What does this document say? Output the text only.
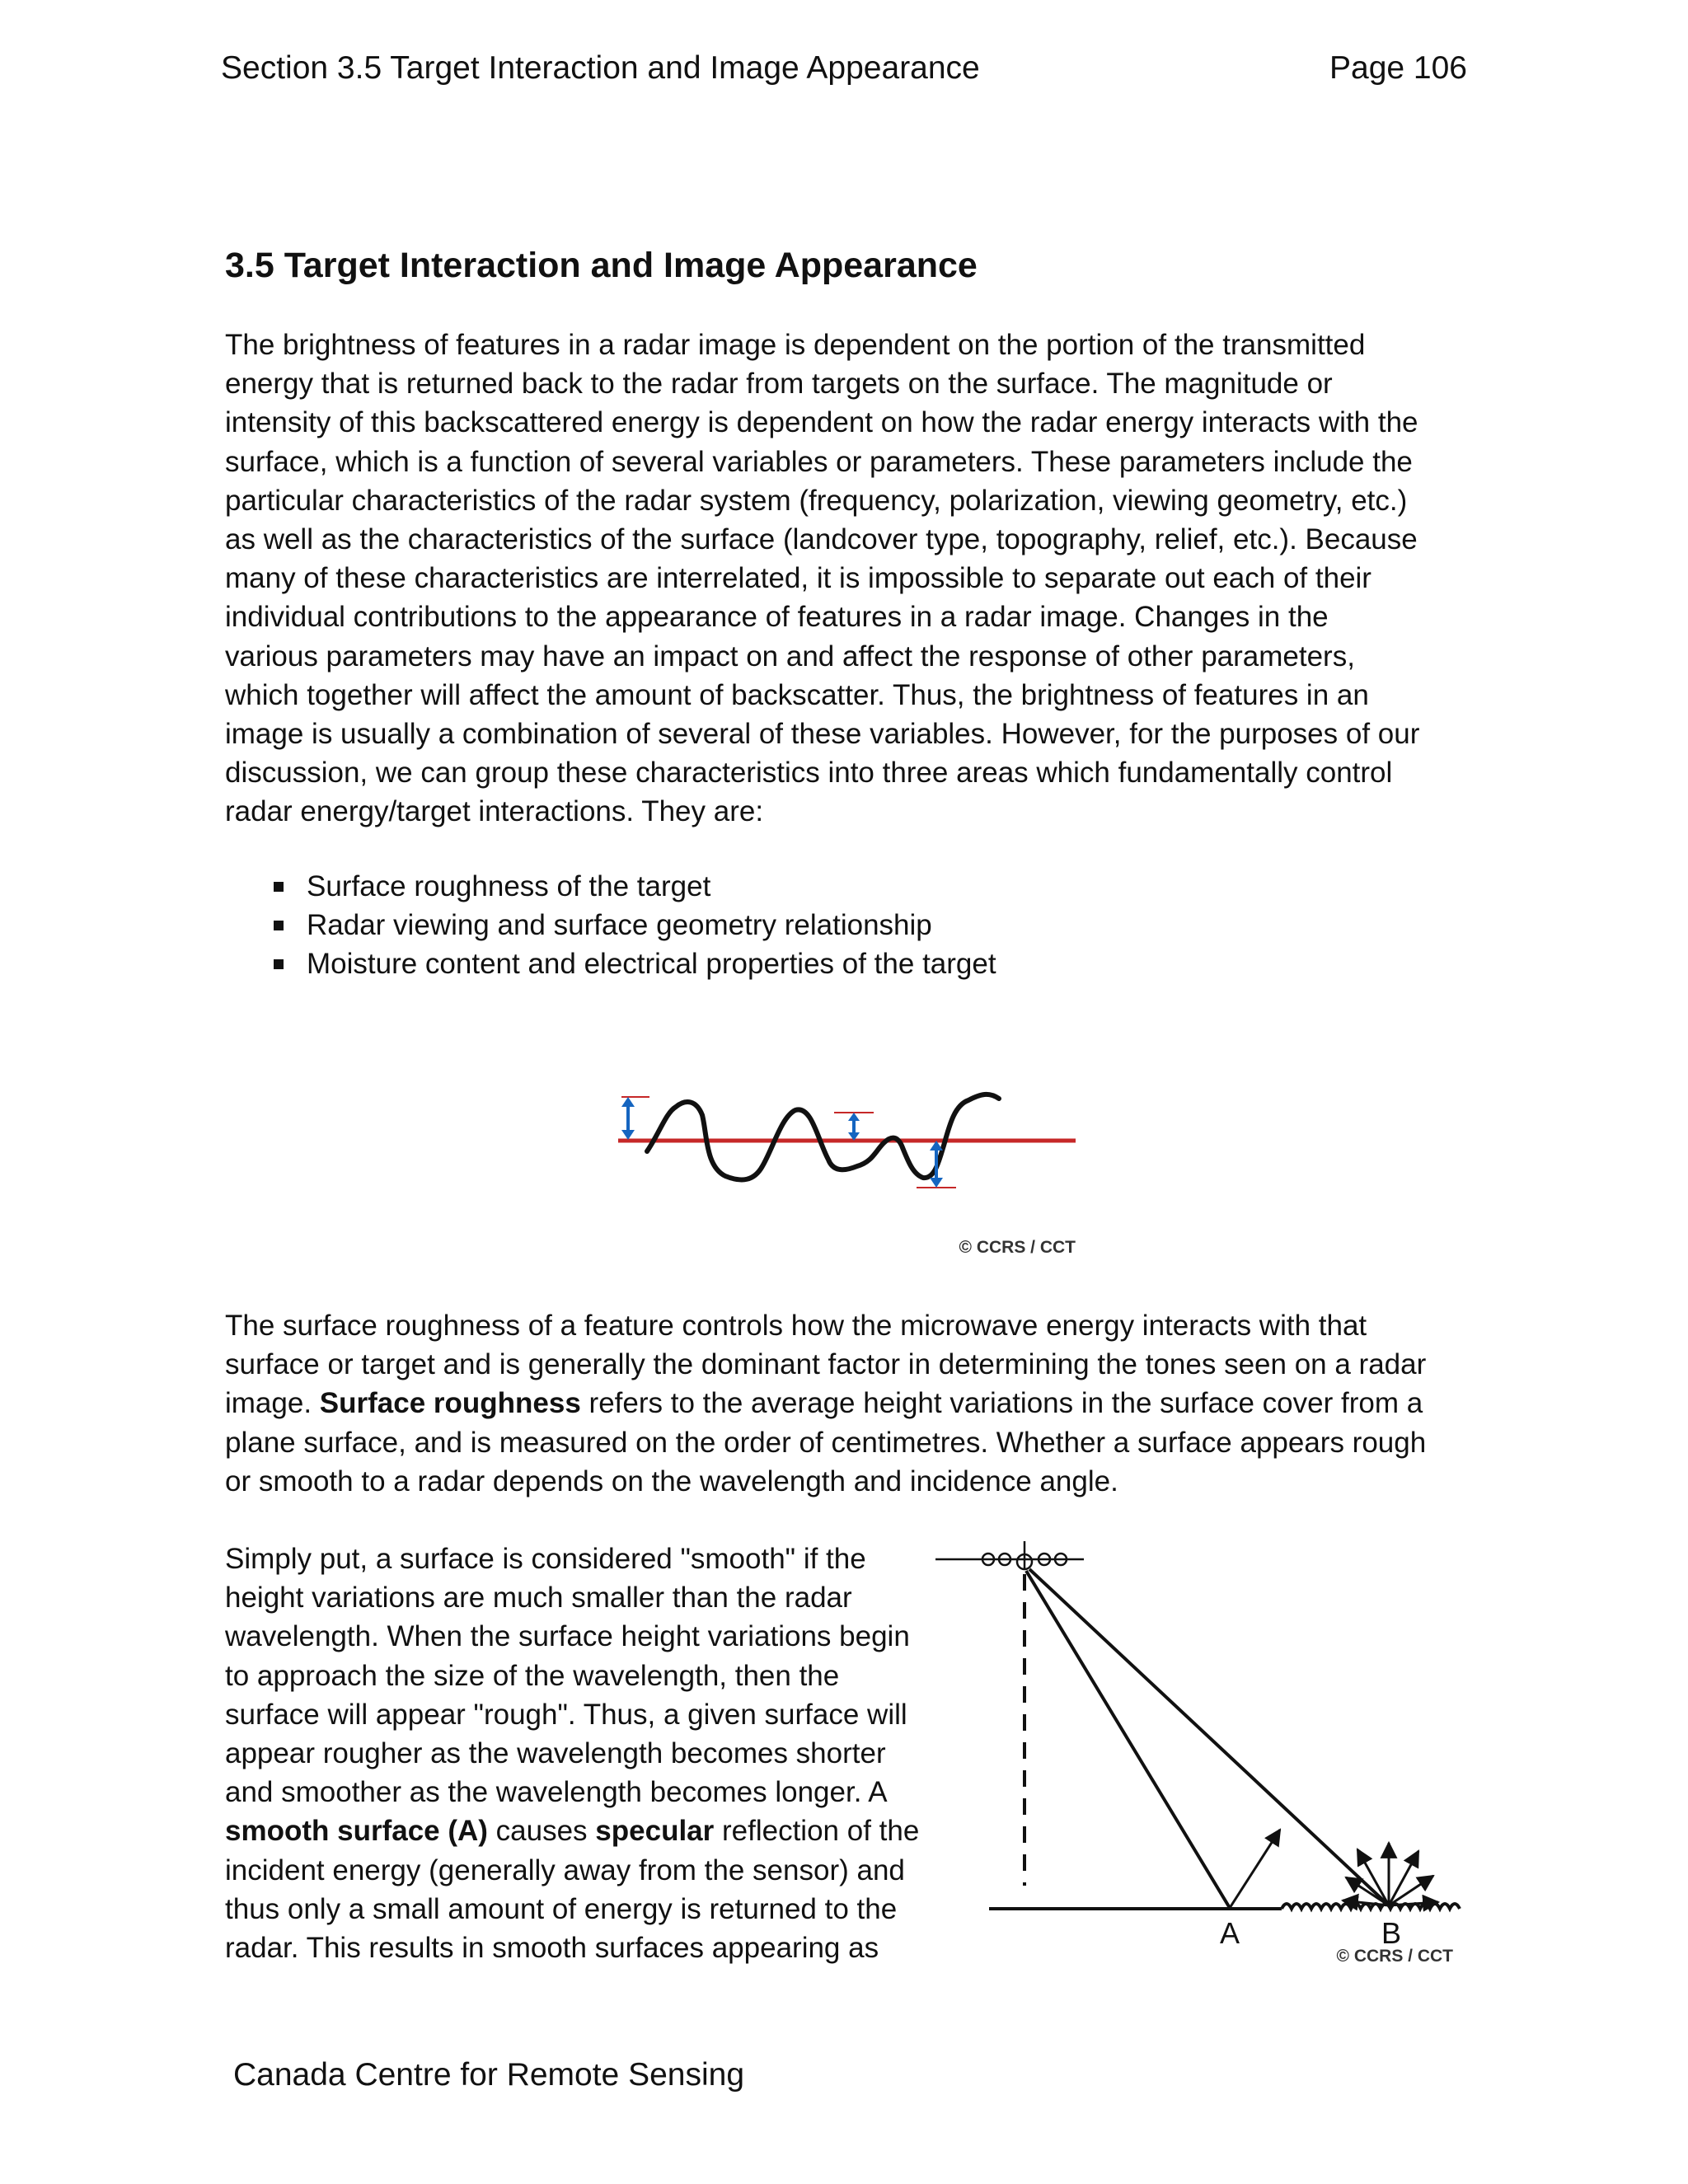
Section 3.5 Target Interaction and Image Appearance	Page 106
3.5 Target Interaction and Image Appearance
The brightness of features in a radar image is dependent on the portion of the transmitted
energy that is returned back to the radar from targets on the surface. The magnitude or
intensity of this backscattered energy is dependent on how the radar energy interacts with the
surface, which is a function of several variables or parameters. These parameters include the
particular characteristics of the radar system (frequency, polarization, viewing geometry, etc.)
as well as the characteristics of the surface (landcover type, topography, relief, etc.). Because
many of these characteristics are interrelated, it is impossible to separate out each of their
individual contributions to the appearance of features in a radar image. Changes in the
various parameters may have an impact on and affect the response of other parameters,
which together will affect the amount of backscatter. Thus, the brightness of features in an
image is usually a combination of several of these variables. However, for the purposes of our
discussion, we can group these characteristics into three areas which fundamentally control
radar energy/target interactions. They are:
Surface roughness of the target
Radar viewing and surface geometry relationship
Moisture content and electrical properties of the target
© CCRS / CCT
The surface roughness of a feature controls how the microwave energy interacts with that
surface or target and is generally the dominant factor in determining the tones seen on a radar
image. Surface roughness refers to the average height variations in the surface cover from a
plane surface, and is measured on the order of centimetres. Whether a surface appears rough
or smooth to a radar depends on the wavelength and incidence angle.
Simply put, a surface is considered "smooth" if the
height variations are much smaller than the radar
wavelength. When the surface height variations begin
to approach the size of the wavelength, then the
surface will appear "rough". Thus, a given surface will
appear rougher as the wavelength becomes shorter
and smoother as the wavelength becomes longer. A
smooth surface (A) causes specular reflection of the
incident energy (generally away from the sensor) and
thus only a small amount of energy is returned to the
radar. This results in smooth surfaces appearing as	A	B
© CCRS / CCT
Canada Centre for Remote Sensing
